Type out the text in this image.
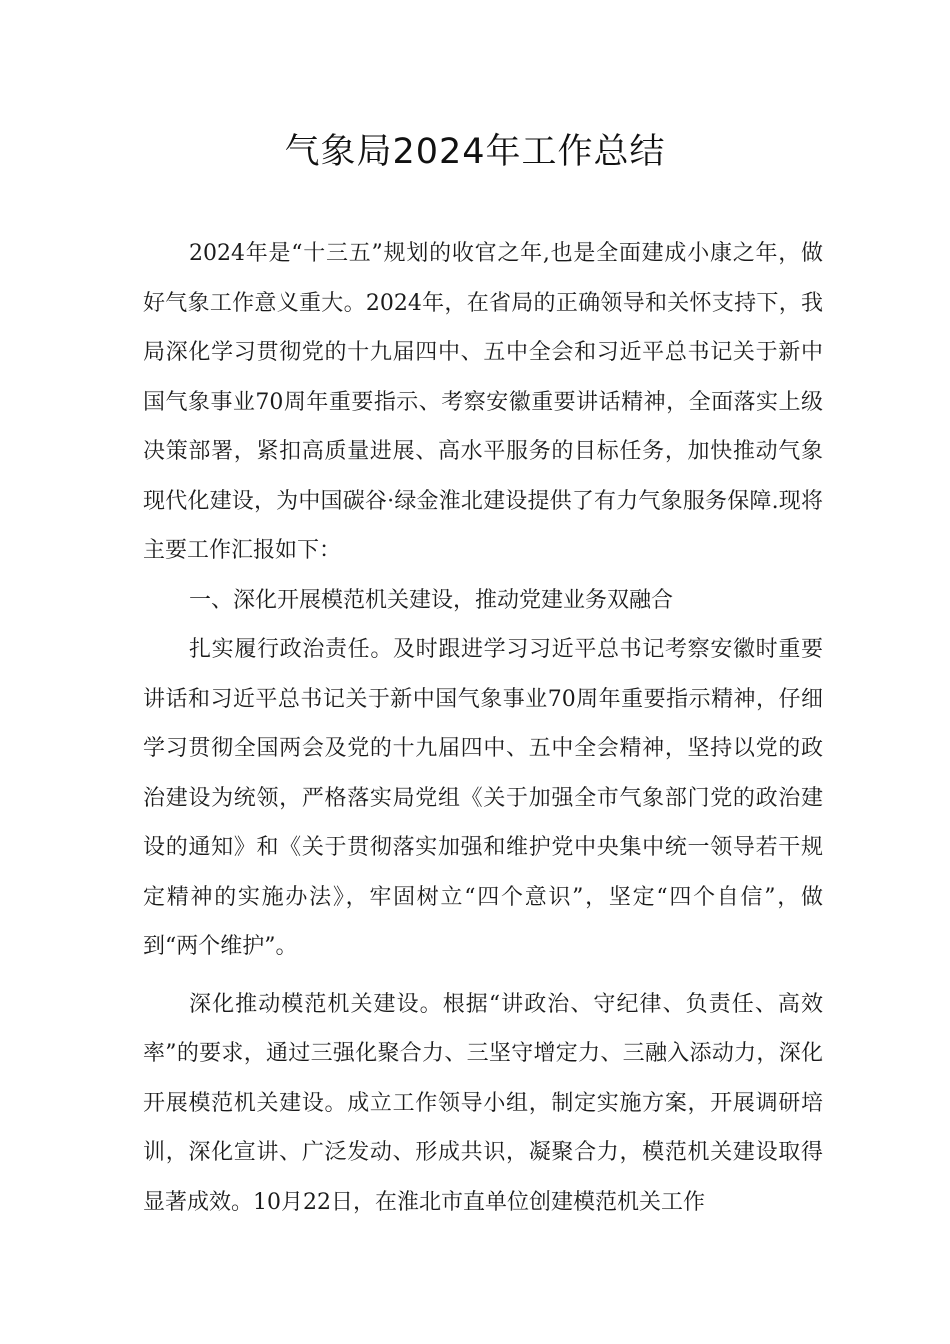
气象局2024年工作总结

2024年是“十三五”规划的收官之年,也是全面建成小康之年，做好气象工作意义重大。2024年，在省局的正确领导和关怀支持下，我局深化学习贯彻党的十九届四中、五中全会和习近平总书记关于新中国气象事业70周年重要指示、考察安徽重要讲话精神，全面落实上级决策部署，紧扣高质量进展、高水平服务的目标任务，加快推动气象现代化建设，为中国碳谷·绿金淮北建设提供了有力气象服务保障.现将主要工作汇报如下：

一、深化开展模范机关建设，推动党建业务双融合

扎实履行政治责任。及时跟进学习习近平总书记考察安徽时重要讲话和习近平总书记关于新中国气象事业70周年重要指示精神，仔细学习贯彻全国两会及党的十九届四中、五中全会精神，坚持以党的政治建设为统领，严格落实局党组《关于加强全市气象部门党的政治建设的通知》和《关于贯彻落实加强和维护党中央集中统一领导若干规定精神的实施办法》，牢固树立“四个意识”，坚定“四个自信”，做到“两个维护”。

深化推动模范机关建设。根据“讲政治、守纪律、负责任、高效率”的要求，通过三强化聚合力、三坚守增定力、三融入添动力，深化开展模范机关建设。成立工作领导小组，制定实施方案，开展调研培训，深化宣讲、广泛发动、形成共识，凝聚合力，模范机关建设取得显著成效。10月22日，在淮北市直单位创建模范机关工作
